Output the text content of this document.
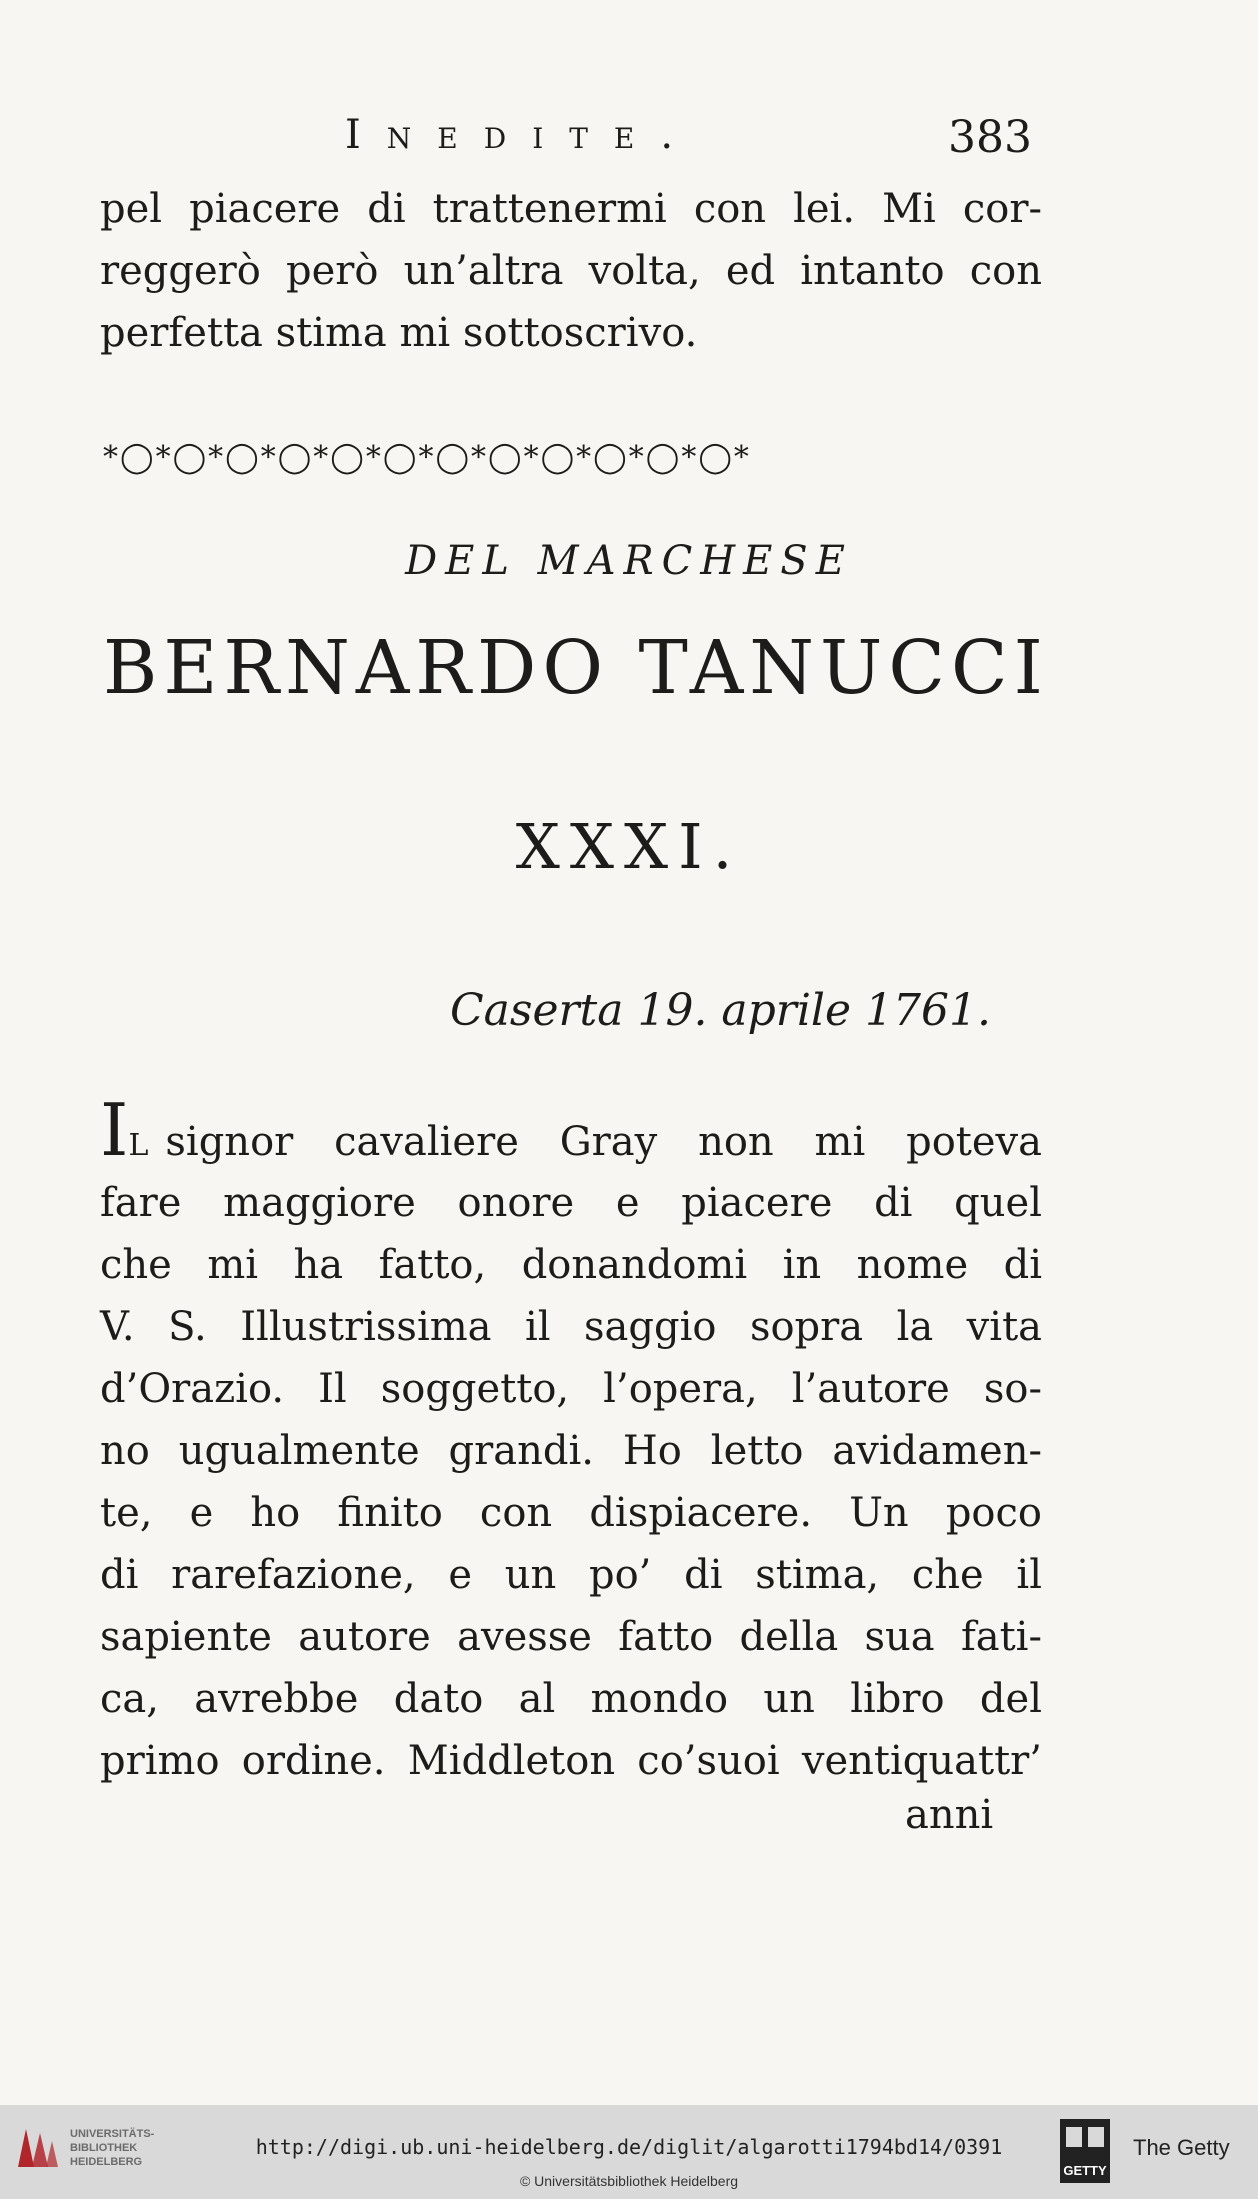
Inedite.	383
pel piacere di trattenermi con lei. Mi cor-
reggerò però un’altra volta, ed intanto con
perfetta stima mi sottoscrivo.
*◯*◯*◯*◯*◯*◯*◯*◯*◯*◯*◯*◯*
DEL MARCHESE
BERNARDO TANUCCI
XXXI.
Caserta 19. aprile 1761.
IL signor cavaliere Gray non mi poteva
fare maggiore onore e piacere di quel
che mi ha fatto, donandomi in nome di
V. S. Illustrissima il saggio sopra la vita
d’Orazio. Il soggetto, l’opera, l’autore so-
no ugualmente grandi. Ho letto avidamen-
te, e ho finito con dispiacere. Un poco
di rarefazione, e un po’ di stima, che il
sapiente autore avesse fatto della sua fati-
ca, avrebbe dato al mondo un libro del
primo ordine. Middleton co’suoi ventiquattr’
anni
UNIVERSITÄTS-
BIBLIOTHEK
HEIDELBERG
http://digi.ub.uni-heidelberg.de/diglit/algarotti1794bd14/0391
© Universitätsbibliothek Heidelberg
GETTY
The Getty
